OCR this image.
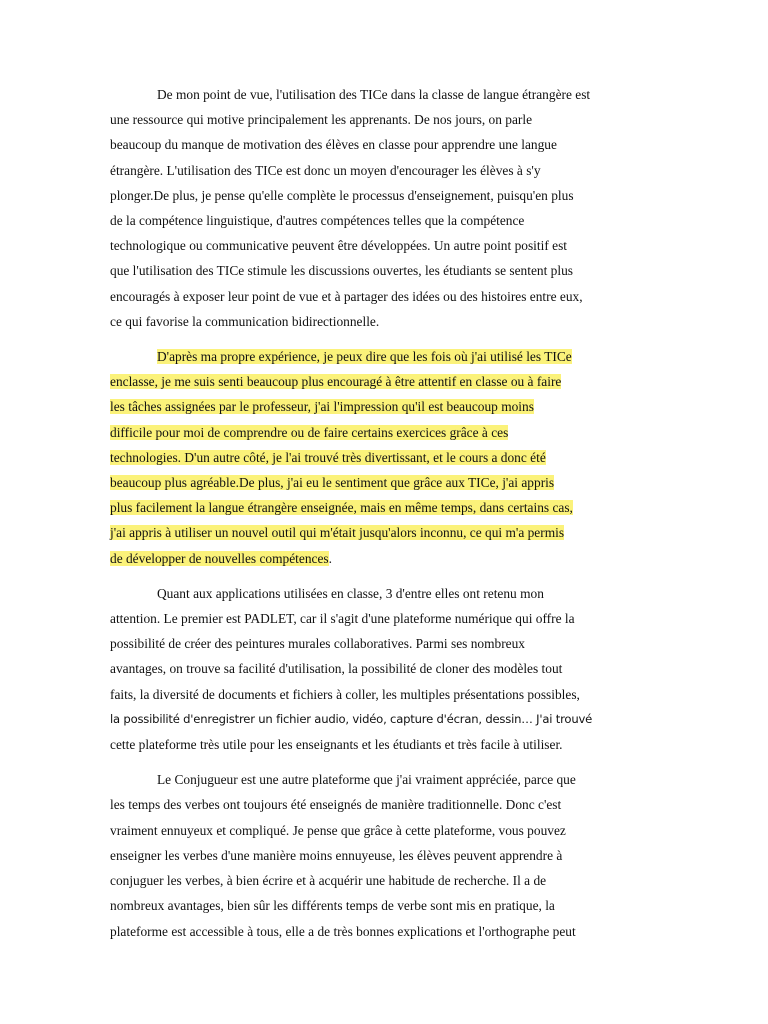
De mon point de vue, l'utilisation des TICe dans la classe de langue étrangère est
une ressource qui motive principalement les apprenants. De nos jours, on parle
beaucoup du manque de motivation des élèves en classe pour apprendre une langue
étrangère. L'utilisation des TICe est donc un moyen d'encourager les élèves à s'y
plonger.De plus, je pense qu'elle complète le processus d'enseignement, puisqu'en plus
de la compétence linguistique, d'autres compétences telles que la compétence
technologique ou communicative peuvent être développées. Un autre point positif est
que l'utilisation des TICe stimule les discussions ouvertes, les étudiants se sentent plus
encouragés à exposer leur point de vue et à partager des idées ou des histoires entre eux,
ce qui favorise la communication bidirectionnelle.

D'après ma propre expérience, je peux dire que les fois où j'ai utilisé les TICe
enclasse, je me suis senti beaucoup plus encouragé à être attentif en classe ou à faire
les tâches assignées par le professeur, j'ai l'impression qu'il est beaucoup moins
difficile pour moi de comprendre ou de faire certains exercices grâce à ces
technologies. D'un autre côté, je l'ai trouvé très divertissant, et le cours a donc été
beaucoup plus agréable.De plus, j'ai eu le sentiment que grâce aux TICe, j'ai appris
plus facilement la langue étrangère enseignée, mais en même temps, dans certains cas,
j'ai appris à utiliser un nouvel outil qui m'était jusqu'alors inconnu, ce qui m'a permis
de développer de nouvelles compétences.

Quant aux applications utilisées en classe, 3 d'entre elles ont retenu mon
attention. Le premier est PADLET, car il s'agit d'une plateforme numérique qui offre la
possibilité de créer des peintures murales collaboratives. Parmi ses nombreux
avantages, on trouve sa facilité d'utilisation, la possibilité de cloner des modèles tout
faits, la diversité de documents et fichiers à coller, les multiples présentations possibles,
la possibilité d'enregistrer un fichier audio, vidéo, capture d'écran, dessin… J'ai trouvé
cette plateforme très utile pour les enseignants et les étudiants et très facile à utiliser.

Le Conjugueur est une autre plateforme que j'ai vraiment appréciée, parce que
les temps des verbes ont toujours été enseignés de manière traditionnelle. Donc c'est
vraiment ennuyeux et compliqué. Je pense que grâce à cette plateforme, vous pouvez
enseigner les verbes d'une manière moins ennuyeuse, les élèves peuvent apprendre à
conjuguer les verbes, à bien écrire et à acquérir une habitude de recherche. Il a de
nombreux avantages, bien sûr les différents temps de verbe sont mis en pratique, la
plateforme est accessible à tous, elle a de très bonnes explications et l'orthographe peut
